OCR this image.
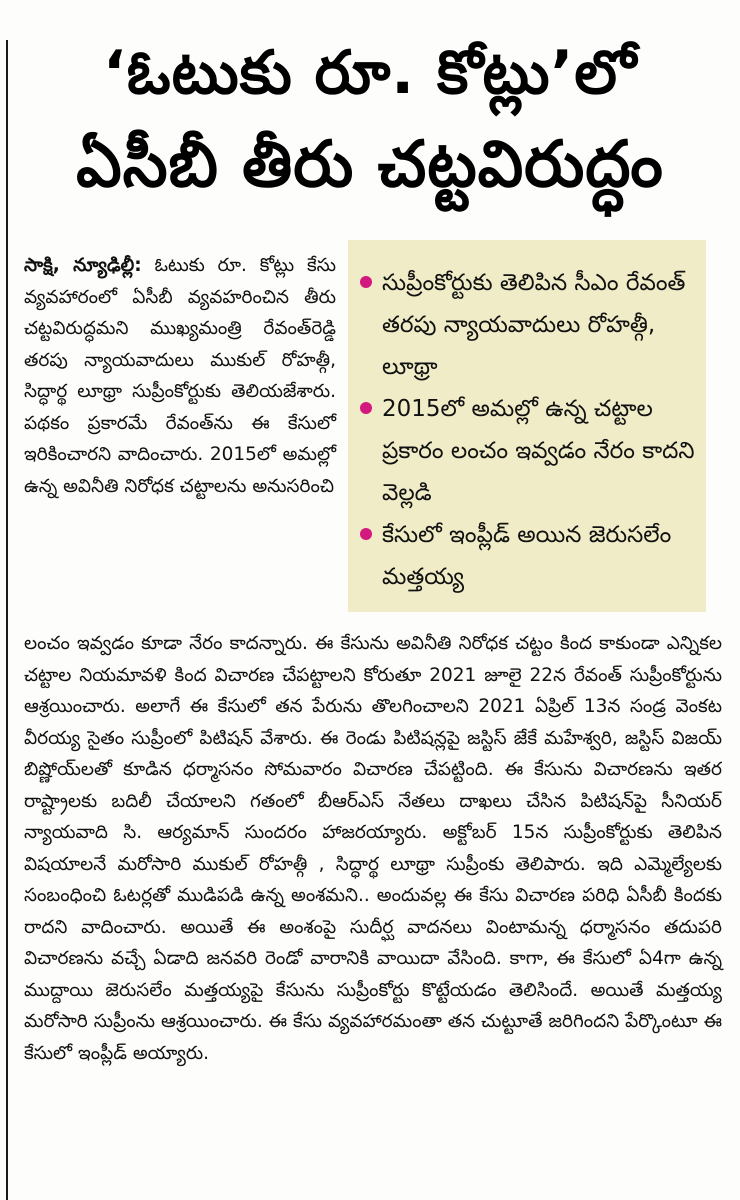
‘ఓటుకు రూ. కోట్లు’లో
ఏసీబీ తీరు చట్టవిరుద్ధం
సుప్రీంకోర్టుకు తెలిపిన సీఎం రేవంత్ తరపు న్యాయవాదులు రోహత్గీ, లూథ్రా
2015లో అమల్లో ఉన్న చట్టాల ప్రకారం లంచం ఇవ్వడం నేరం కాదని వెల్లడి
కేసులో ఇంప్లీడ్ అయిన జెరుసలేం మత్తయ్య
సాక్షి, న్యూఢిల్లీ: ఓటుకు రూ. కోట్లు కేసు వ్యవహారంలో ఏసీబీ వ్యవహరించిన తీరు చట్టవిరుద్ధమని ముఖ్యమంత్రి రేవంత్‌రెడ్డి తరపు న్యాయవాదులు ముకుల్ రోహత్గీ, సిద్ధార్థ లూథ్రా సుప్రీంకోర్టుకు తెలియజేశారు. పథకం ప్రకారమే రేవంత్‌ను ఈ కేసులో ఇరికించారని వాదించారు. 2015లో అమల్లో ఉన్న అవినీతి నిరోధక చట్టాలను అనుసరించి
లంచం ఇవ్వడం కూడా నేరం కాదన్నారు. ఈ కేసును అవినీతి నిరోధక చట్టం కింద కాకుండా ఎన్నికల చట్టాల నియమావళి కింద విచారణ చేపట్టాలని కోరుతూ 2021 జూలై 22న రేవంత్ సుప్రీంకోర్టును ఆశ్రయించారు. అలాగే ఈ కేసులో తన పేరును తొలగించాలని 2021 ఏప్రిల్ 13న సండ్ర వెంకట వీరయ్య సైతం సుప్రీంలో పిటిషన్ వేశారు. ఈ రెండు పిటిషన్లపై జస్టిస్ జేకే మహేశ్వరి, జస్టిస్ విజయ్ బిష్ణోయ్‌లతో కూడిన ధర్మాసనం సోమవారం విచారణ చేపట్టింది. ఈ కేసును విచారణను ఇతర రాష్ట్రాలకు బదిలీ చేయాలని గతంలో బీఆర్ఎస్ నేతలు దాఖలు చేసిన పిటిషన్‌పై సీనియర్ న్యాయవాది సి. ఆర్యమాన్ సుందరం హాజరయ్యారు. అక్టోబర్ 15న సుప్రీంకోర్టుకు తెలిపిన విషయాలనే మరోసారి ముకుల్ రోహత్గీ , సిద్ధార్థ లూథ్రా సుప్రీంకు తెలిపారు. ఇది ఎమ్మెల్యేలకు సంబంధించి ఓటర్లతో ముడిపడి ఉన్న అంశమని.. అందువల్ల ఈ కేసు విచారణ పరిధి ఏసీబీ కిందకు రాదని వాదించారు. అయితే ఈ అంశంపై సుదీర్ఘ వాదనలు వింటామన్న ధర్మాసనం తదుపరి విచారణను వచ్చే ఏడాది జనవరి రెండో వారానికి వాయిదా వేసింది. కాగా, ఈ కేసులో ఏ4గా ఉన్న ముద్దాయి జెరుసలేం మత్తయ్యపై కేసును సుప్రీంకోర్టు కొట్టేయడం తెలిసిందే. అయితే మత్తయ్య మరోసారి సుప్రీంను ఆశ్రయించారు. ఈ కేసు వ్యవహారమంతా తన చుట్టూతే జరిగిందని పేర్కొంటూ ఈ కేసులో ఇంప్లీడ్ అయ్యారు.
